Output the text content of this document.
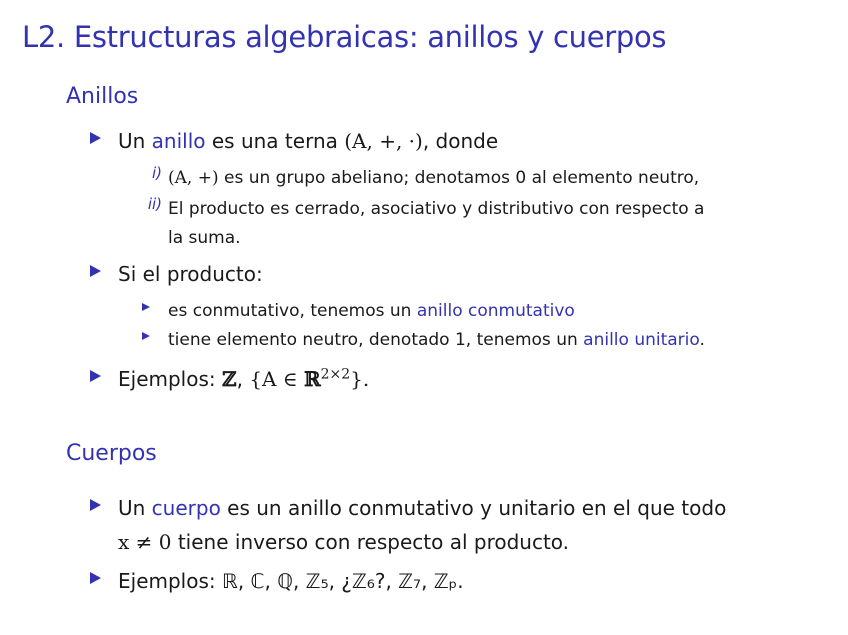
L2. Estructuras algebraicas: anillos y cuerpos
Anillos
Un anillo es una terna (A, +, ·), donde
i) (A, +) es un grupo abeliano; denotamos 0 al elemento neutro,
ii) El producto es cerrado, asociativo y distributivo con respecto a
la suma.
Si el producto:
es conmutativo, tenemos un anillo conmutativo
tiene elemento neutro, denotado 1, tenemos un anillo unitario.
Ejemplos: ℤ, {A ∈ ℝ$^{2\times 2}$}.
Cuerpos
Un cuerpo es un anillo conmutativo y unitario en el que todo
x ≠ 0 tiene inverso con respecto al producto.
Ejemplos: ℝ, ℂ, ℚ, ℤ₅, ¿ℤ₆?, ℤ₇, ℤₚ.
